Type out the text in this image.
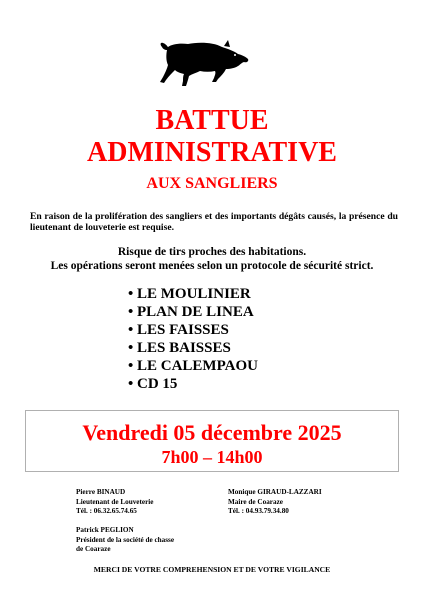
BATTUE
ADMINISTRATIVE
AUX SANGLIERS
En raison de la prolifération des sangliers et des importants dégâts causés, la présence du lieutenant de louveterie est requise.
Risque de tirs proches des habitations.
Les opérations seront menées selon un protocole de sécurité strict.
• LE MOULINIER
• PLAN DE LINEA
• LES FAISSES
• LES BAISSES
• LE CALEMPAOU
• CD 15
Vendredi 05 décembre 2025
7h00 – 14h00
Pierre BINAUD
Lieutenant de Louveterie
Tél. : 06.32.65.74.65
Monique GIRAUD-LAZZARI
Maire de Coaraze
Tél. : 04.93.79.34.80
Patrick PEGLION
Président de la société de chasse
de Coaraze
MERCI DE VOTRE COMPREHENSION ET DE VOTRE VIGILANCE
